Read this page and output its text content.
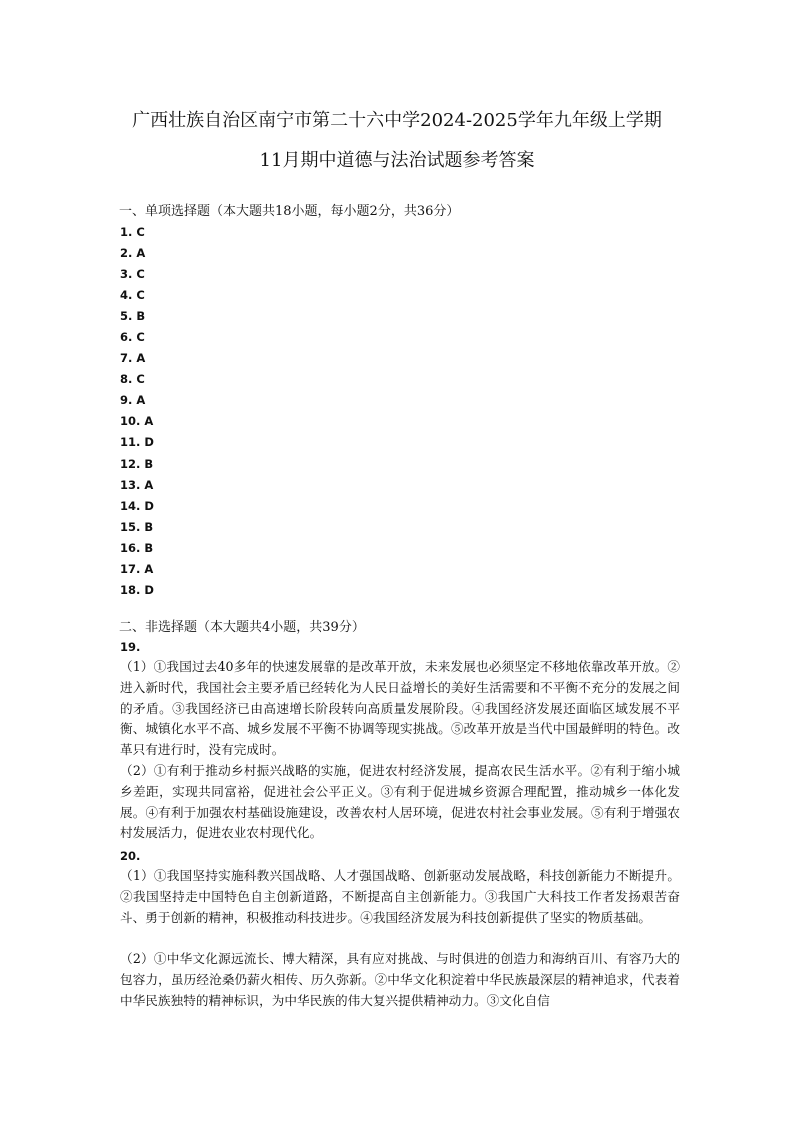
广西壮族自治区南宁市第二十六中学2024-2025学年九年级上学期
11月期中道德与法治试题参考答案
一、单项选择题（本大题共18小题，每小题2分，共36分）
1. C
2. A
3. C
4. C
5. B
6. C
7. A
8. C
9. A
10. A
11. D
12. B
13. A
14. D
15. B
16. B
17. A
18. D
二、非选择题（本大题共4小题，共39分）
19.
（1）①我国过去40多年的快速发展靠的是改革开放，未来发展也必须坚定不移地依靠改革开放。②进入新时代，我国社会主要矛盾已经转化为人民日益增长的美好生活需要和不平衡不充分的发展之间的矛盾。③我国经济已由高速增长阶段转向高质量发展阶段。④我国经济发展还面临区域发展不平衡、城镇化水平不高、城乡发展不平衡不协调等现实挑战。⑤改革开放是当代中国最鲜明的特色。改革只有进行时，没有完成时。
（2）①有利于推动乡村振兴战略的实施，促进农村经济发展，提高农民生活水平。②有利于缩小城乡差距，实现共同富裕，促进社会公平正义。③有利于促进城乡资源合理配置，推动城乡一体化发展。④有利于加强农村基础设施建设，改善农村人居环境，促进农村社会事业发展。⑤有利于增强农村发展活力，促进农业农村现代化。
20.
（1）①我国坚持实施科教兴国战略、人才强国战略、创新驱动发展战略，科技创新能力不断提升。②我国坚持走中国特色自主创新道路，不断提高自主创新能力。③我国广大科技工作者发扬艰苦奋斗、勇于创新的精神，积极推动科技进步。④我国经济发展为科技创新提供了坚实的物质基础。
（2）①中华文化源远流长、博大精深，具有应对挑战、与时俱进的创造力和海纳百川、有容乃大的包容力，虽历经沧桑仍薪火相传、历久弥新。②中华文化积淀着中华民族最深层的精神追求，代表着中华民族独特的精神标识，为中华民族的伟大复兴提供精神动力。③文化自信
